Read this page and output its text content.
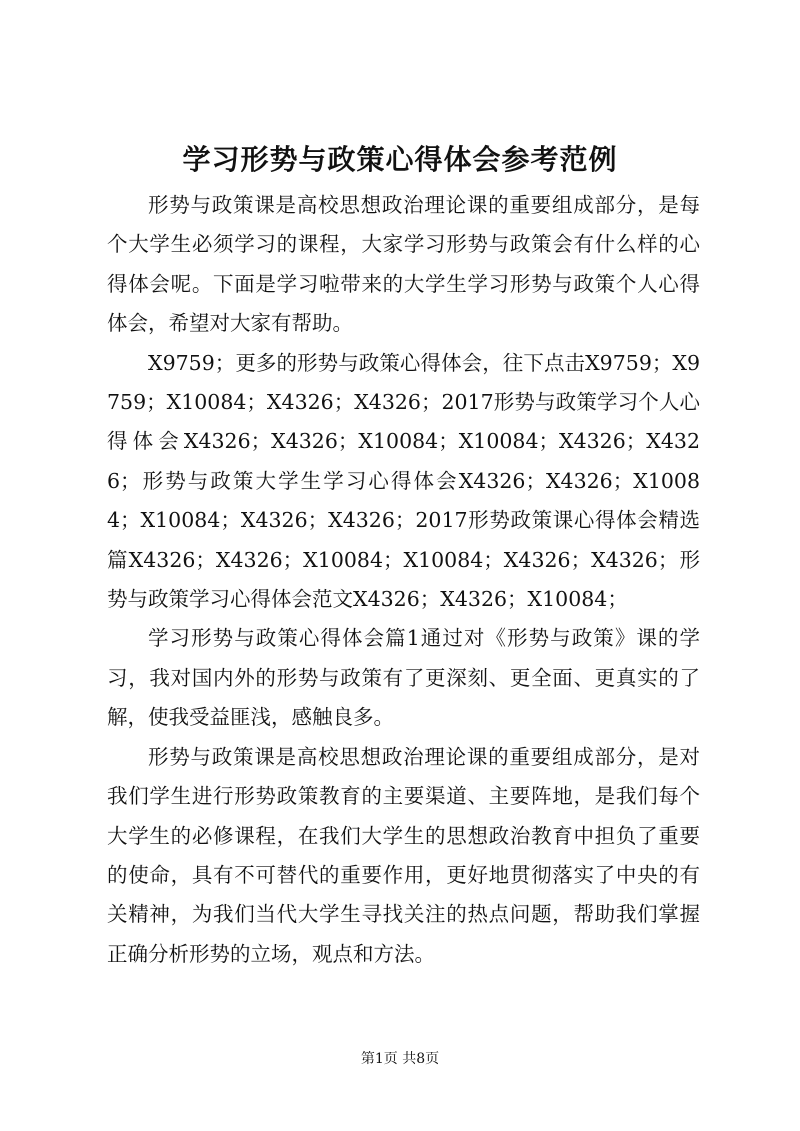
学习形势与政策心得体会参考范例

形势与政策课是高校思想政治理论课的重要组成部分，是每个大学生必须学习的课程，大家学习形势与政策会有什么样的心得体会呢。下面是学习啦带来的大学生学习形势与政策个人心得体会，希望对大家有帮助。

X9759；更多的形势与政策心得体会，往下点击X9759；X9759；X10084；X4326；X4326；2017形势与政策学习个人心得体会X4326；X4326；X10084；X10084；X4326；X4326；形势与政策大学生学习心得体会X4326；X4326；X10084；X10084；X4326；X4326；2017形势政策课心得体会精选篇X4326；X4326；X10084；X10084；X4326；X4326；形势与政策学习心得体会范文X4326；X4326；X10084；

学习形势与政策心得体会篇1通过对《形势与政策》课的学习，我对国内外的形势与政策有了更深刻、更全面、更真实的了解，使我受益匪浅，感触良多。

形势与政策课是高校思想政治理论课的重要组成部分，是对我们学生进行形势政策教育的主要渠道、主要阵地，是我们每个大学生的必修课程，在我们大学生的思想政治教育中担负了重要的使命，具有不可替代的重要作用，更好地贯彻落实了中央的有关精神，为我们当代大学生寻找关注的热点问题，帮助我们掌握正确分析形势的立场，观点和方法。

第1页 共8页
